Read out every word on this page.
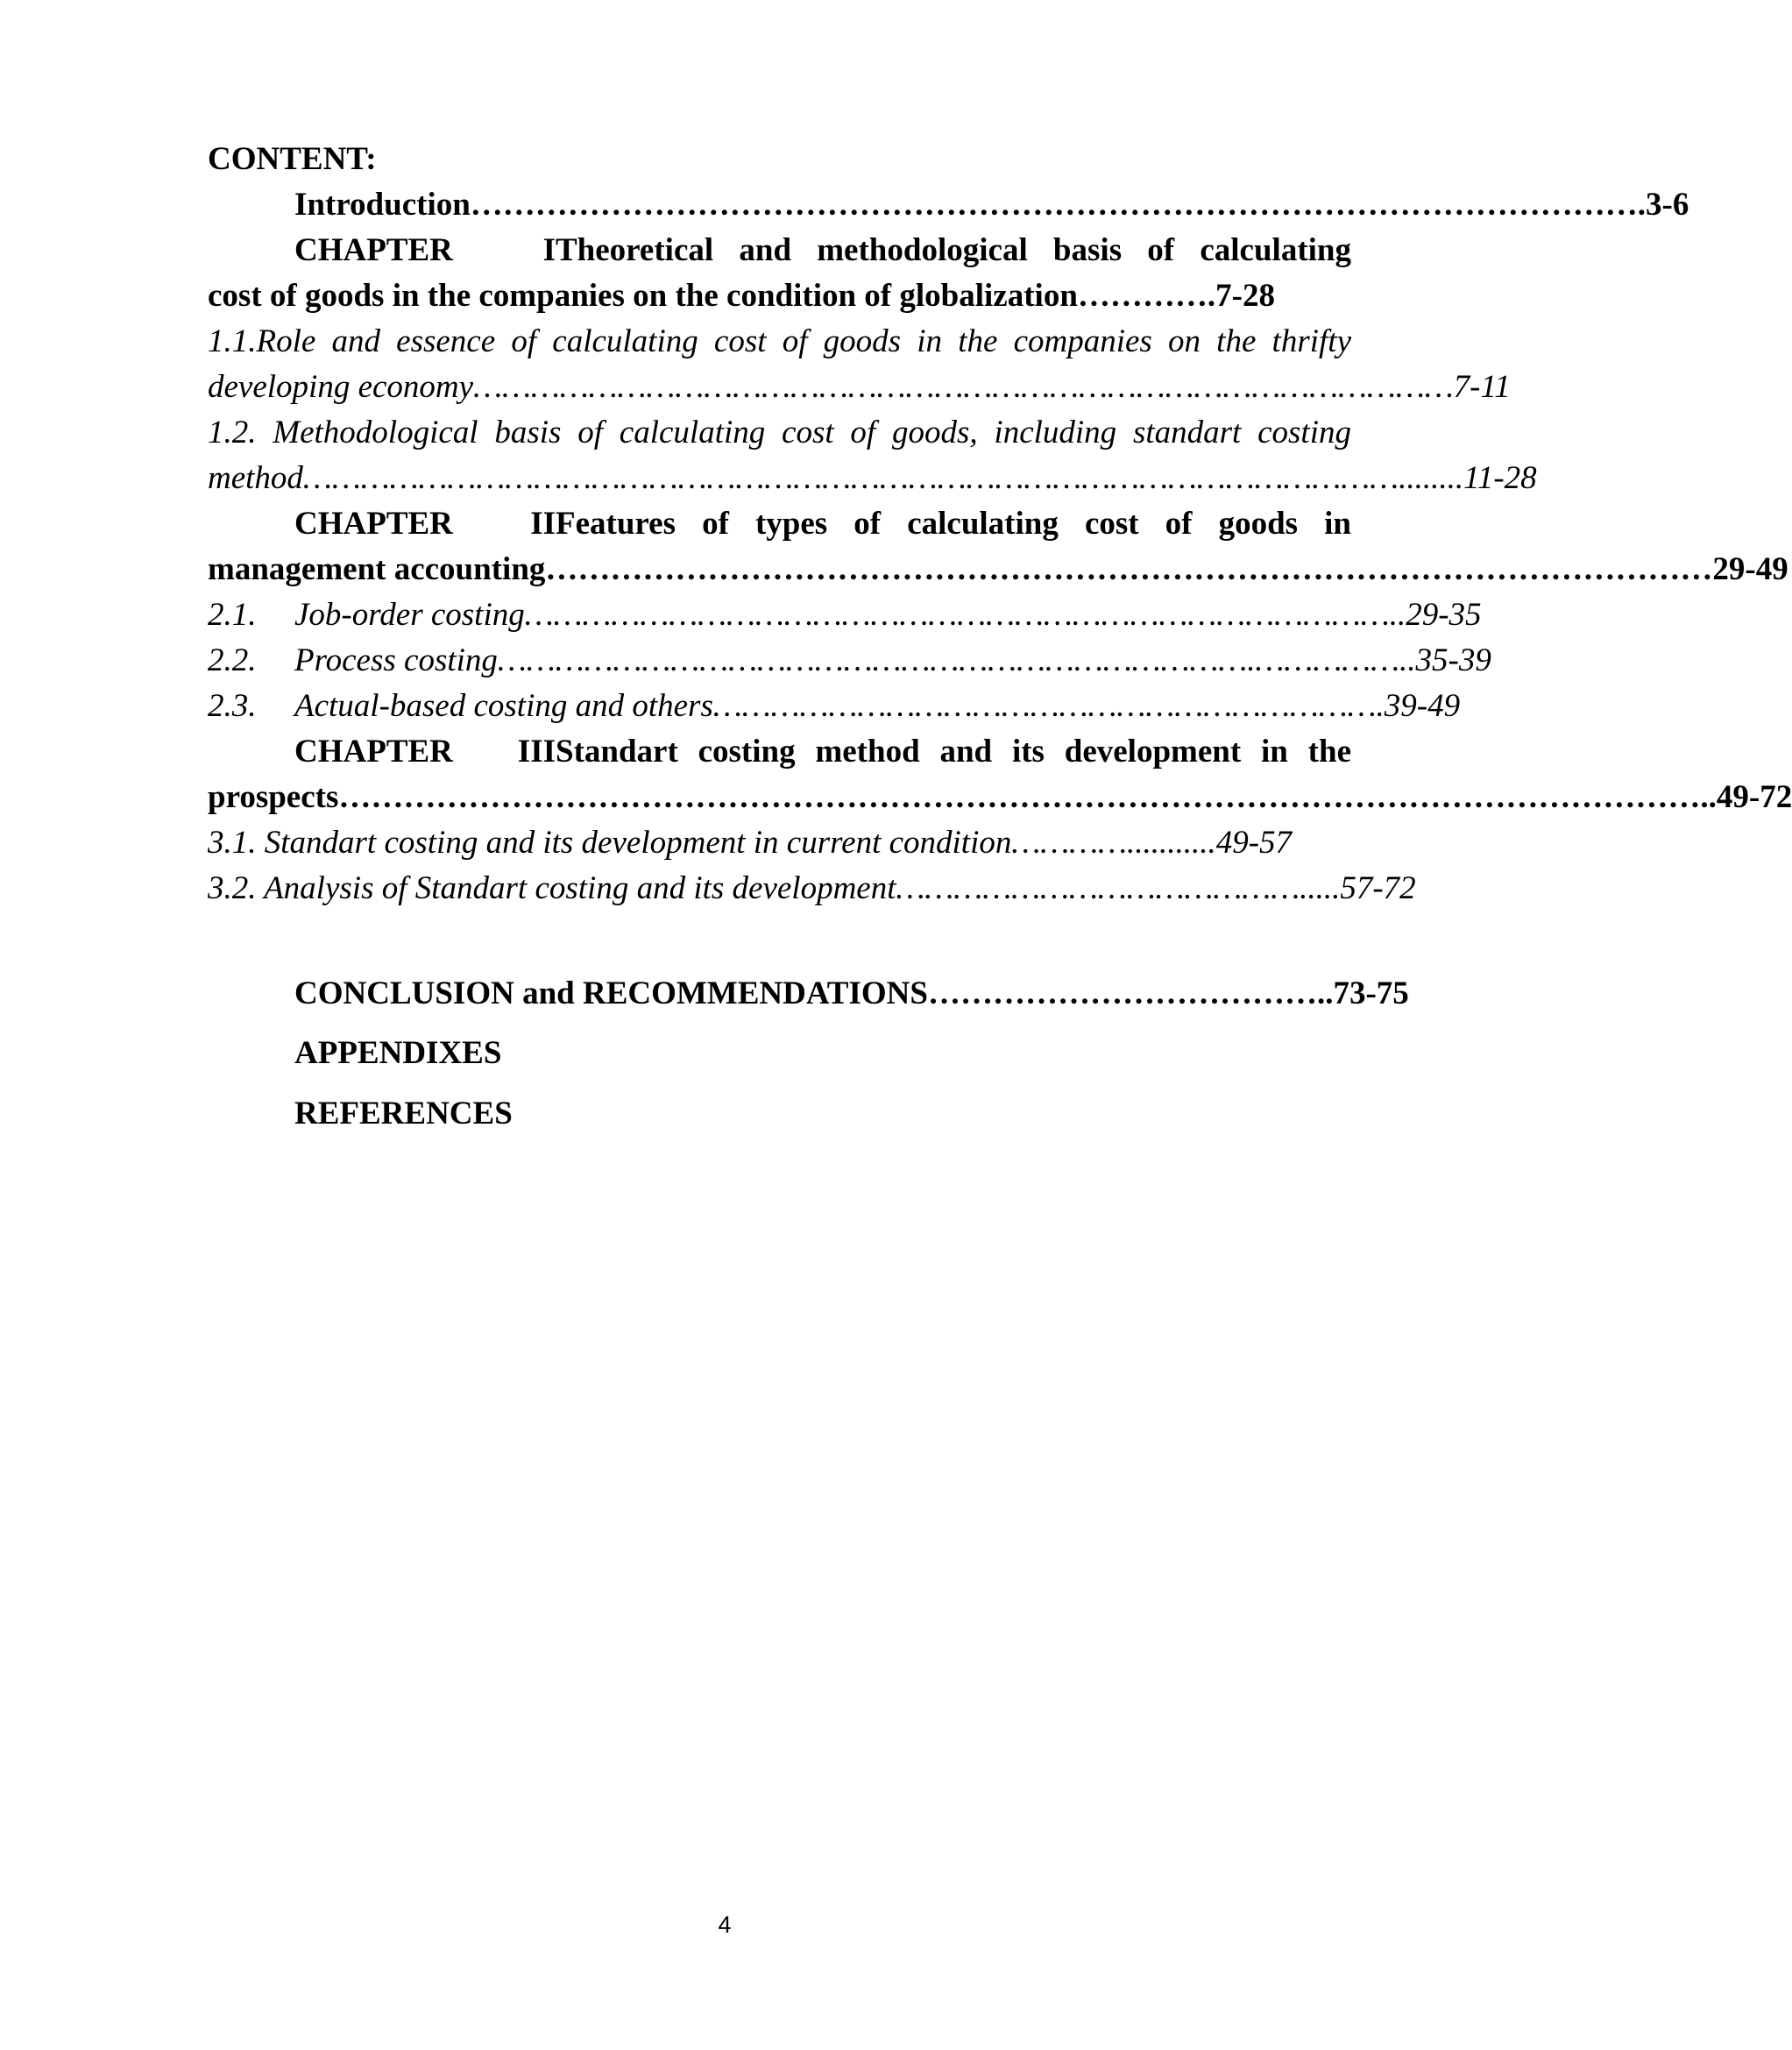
CONTENT:
Introduction……………………………………………………………………………………………….3-6
CHAPTER ITheoretical and methodological basis of calculating
cost of goods in the companies on the condition of globalization………….7-28
1.1.Role and essence of calculating cost of goods in the companies on the thrifty
developing economy…………………………………………………………………………………………7-11
1.2. Methodological basis of calculating cost of goods, including standart costing
method……………………………………………………………………………………………………........11-28
CHAPTER IIFeatures of types of calculating cost of goods in
management accounting………………………………………………………………………………………………29-49
2.1. Job-order costing………………………………………………………………………………..29-35
2.2. Process costing…………………………………………………………………….……………..35-39
2.3. Actual-based costing and others…………………………………………………………….39-49
CHAPTER IIIStandart costing method and its development in the
prospects………………………………………………………………………………………………………………..49-72
3.1. Standart costing and its development in current condition…………...........49-57
3.2. Analysis of Standart costing and its development…………………………………….....57-72
CONCLUSION and RECOMMENDATIONS………………………………..73-75
APPENDIXES
REFERENCES
4
